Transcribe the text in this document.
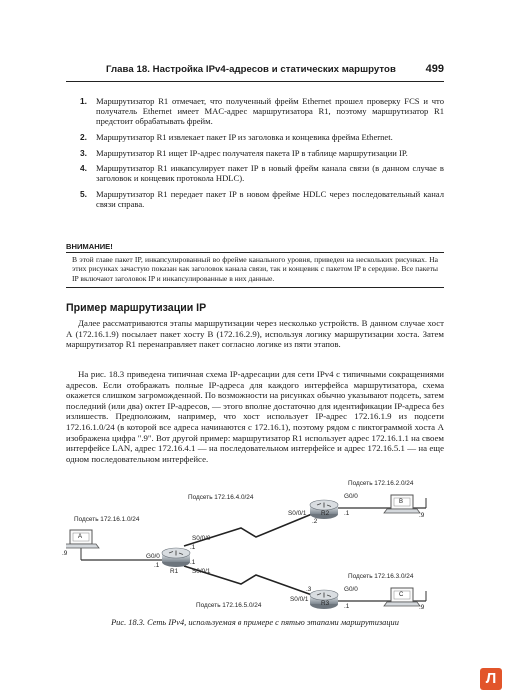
Глава 18. Настройка IPv4-адресов и статических маршрутов	499
1. Маршрутизатор R1 отмечает, что полученный фрейм Ethernet прошел проверку FCS и что получатель Ethernet имеет MAC-адрес маршрутизатора R1, поэтому маршрутизатор R1 предстоит обрабатывать фрейм.
2. Маршрутизатор R1 извлекает пакет IP из заголовка и концевика фрейма Ethernet.
3. Маршрутизатор R1 ищет IP-адрес получателя пакета IP в таблице маршрутизации IP.
4. Маршрутизатор R1 инкапсулирует пакет IP в новый фрейм канала связи (в данном случае в заголовок и концевик протокола HDLC).
5. Маршрутизатор R1 передает пакет IP в новом фрейме HDLC через последовательный канал связи справа.
ВНИМАНИЕ!
В этой главе пакет IP, инкапсулированный во фрейме канального уровня, приведен на нескольких рисунках. На этих рисунках зачастую показан как заголовок канала связи, так и концевик с пакетом IP в середине. Все пакеты IP включают заголовок IP и инкапсулированные в них данные.
Пример маршрутизации IP
Далее рассматриваются этапы маршрутизации через несколько устройств. В данном случае хост А (172.16.1.9) посылает пакет хосту В (172.16.2.9), используя логику маршрутизации хоста. Затем маршрутизатор R1 перенаправляет пакет согласно логике из пяти этапов.
На рис. 18.3 приведена типичная схема IP-адресации для сети IPv4 с типичными сокращениями адресов. Если отображать полные IP-адреса для каждого интерфейса маршрутизатора, схема окажется слишком загроможденной. По возможности на рисунках обычно указывают подсеть, затем последний (или два) октет IP-адресов, — этого вполне достаточно для идентификации IP-адреса без излишеств. Предположим, например, что хост использует IP-адрес 172.16.1.9 из подсети 172.16.1.0/24 (в которой все адреса начинаются с 172.16.1), поэтому рядом с пиктограммой хоста А изображена цифра ".9". Вот другой пример: маршрутизатор R1 использует адрес 172.16.1.1 на своем интерфейсе LAN, адрес 172.16.4.1 — на последовательном интерфейсе и адрес 172.16.5.1 — на еще одном последовательном интерфейсе.
Подсеть 172.16.1.0/24
Подсеть 172.16.4.0/24
Подсеть 172.16.5.0/24
Подсеть 172.16.2.0/24
Подсеть 172.16.3.0/24
A
B
C
.9
.9
.9
R1
R2
R3
G0/0
.1
S0/0/0
.1
S0/0/1
.1
S0/0/1
.2
G0/0
.1
S0/0/1
.3	G0/0
.1
Рис. 18.3. Сеть IPv4, используемая в примере с пятью этапами маршрутизации
Л
